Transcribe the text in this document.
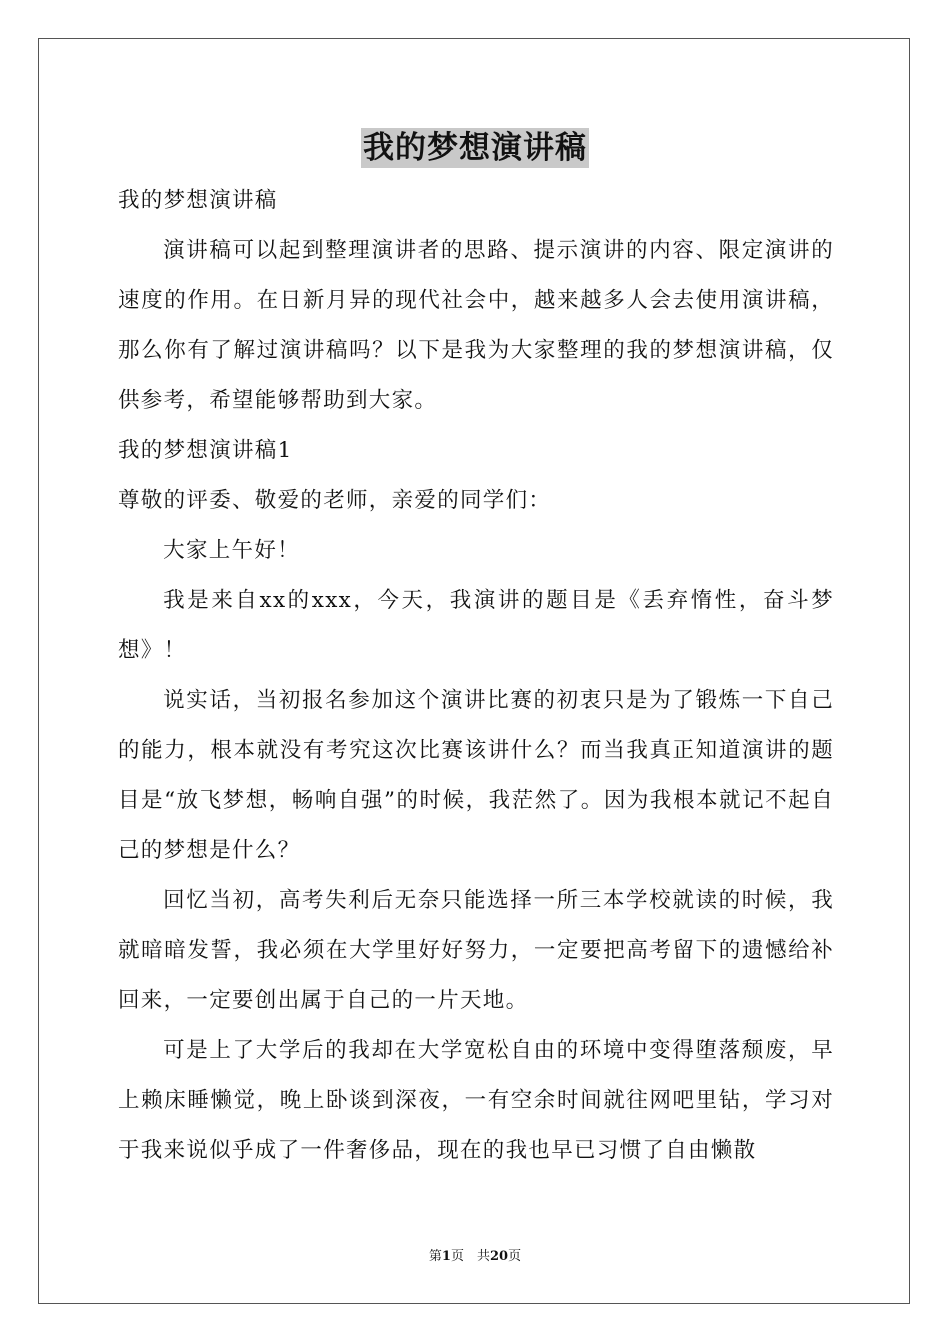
我的梦想演讲稿

我的梦想演讲稿

演讲稿可以起到整理演讲者的思路、提示演讲的内容、限定演讲的速度的作用。在日新月异的现代社会中，越来越多人会去使用演讲稿，那么你有了解过演讲稿吗？以下是我为大家整理的我的梦想演讲稿，仅供参考，希望能够帮助到大家。

我的梦想演讲稿1

尊敬的评委、敬爱的老师，亲爱的同学们：

大家上午好！

我是来自xx的xxx，今天，我演讲的题目是《丢弃惰性，奋斗梦想》！

说实话，当初报名参加这个演讲比赛的初衷只是为了锻炼一下自己的能力，根本就没有考究这次比赛该讲什么？而当我真正知道演讲的题目是“放飞梦想，畅响自强”的时候，我茫然了。因为我根本就记不起自己的梦想是什么？

回忆当初，高考失利后无奈只能选择一所三本学校就读的时候，我就暗暗发誓，我必须在大学里好好努力，一定要把高考留下的遗憾给补回来，一定要创出属于自己的一片天地。

可是上了大学后的我却在大学宽松自由的环境中变得堕落颓废，早上赖床睡懒觉，晚上卧谈到深夜，一有空余时间就往网吧里钻，学习对于我来说似乎成了一件奢侈品，现在的我也早已习惯了自由懒散

第1页　共20页
